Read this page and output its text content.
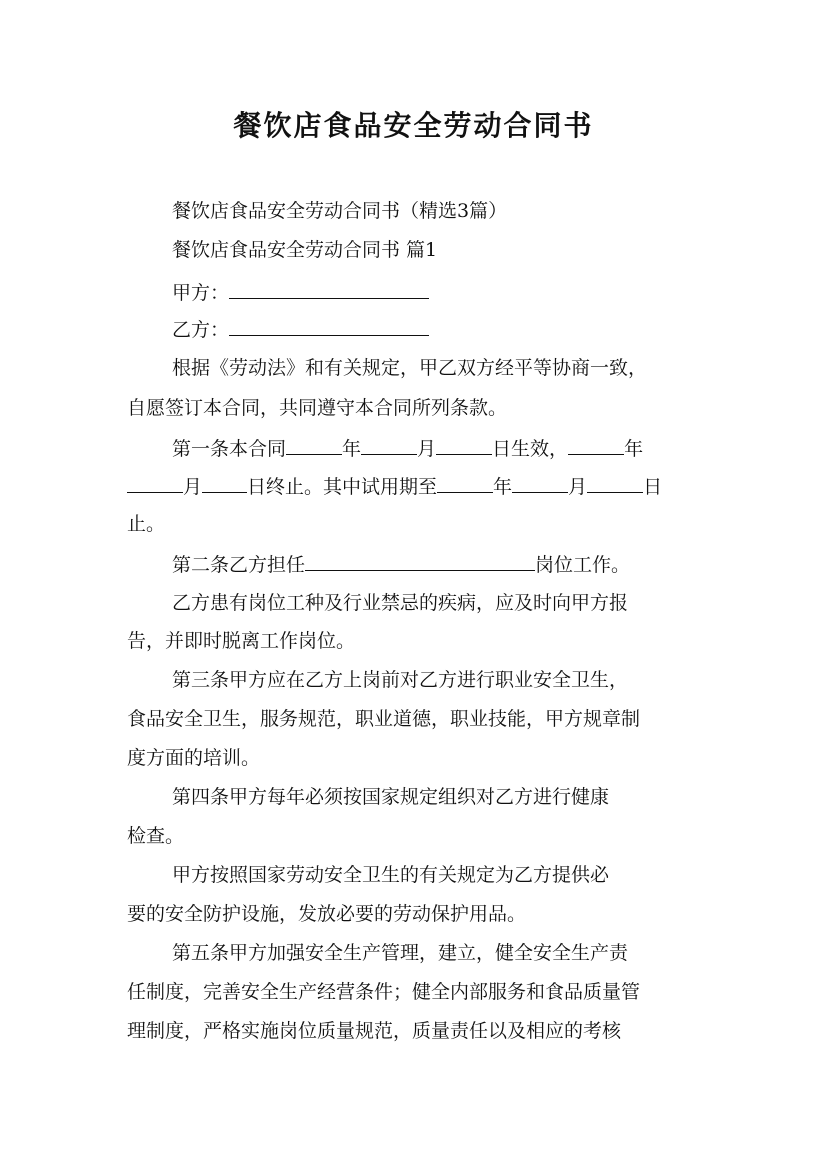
餐饮店食品安全劳动合同书
餐饮店食品安全劳动合同书（精选3篇）
餐饮店食品安全劳动合同书 篇1
甲方：
乙方：
根据《劳动法》和有关规定，甲乙双方经平等协商一致，
自愿签订本合同，共同遵守本合同所列条款。
第一条本合同	年	月	日生效，	年
月 日终止。其中试用期至	年	月	日
止。
第二条乙方担任	岗位工作。
乙方患有岗位工种及行业禁忌的疾病，应及时向甲方报
告，并即时脱离工作岗位。
第三条甲方应在乙方上岗前对乙方进行职业安全卫生，
食品安全卫生，服务规范，职业道德，职业技能，甲方规章制
度方面的培训。
第四条甲方每年必须按国家规定组织对乙方进行健康
检查。
甲方按照国家劳动安全卫生的有关规定为乙方提供必
要的安全防护设施，发放必要的劳动保护用品。
第五条甲方加强安全生产管理，建立，健全安全生产责
任制度，完善安全生产经营条件；健全内部服务和食品质量管
理制度，严格实施岗位质量规范，质量责任以及相应的考核
